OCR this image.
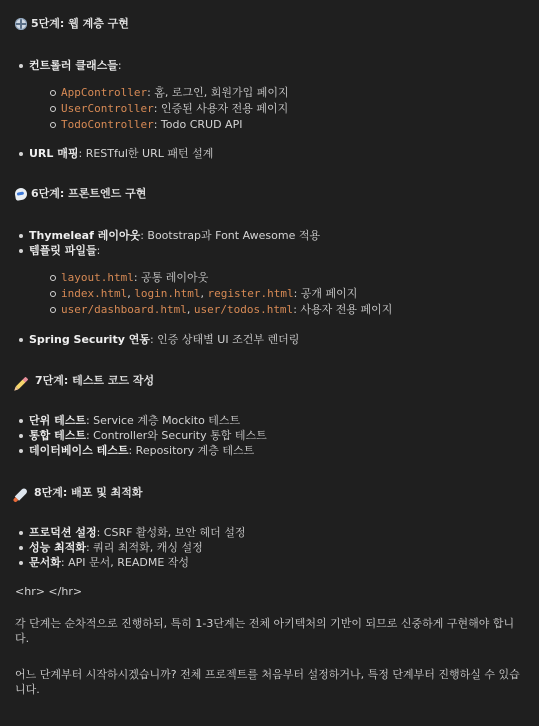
5단계: 웹 계층 구현
컨트롤러 클래스들 :
AppController : 홈, 로그인, 회원가입 페이지
UserController : 인증된 사용자 전용 페이지
TodoController : Todo CRUD API
URL 매핑 : RESTful한 URL 패턴 설계
6단계: 프론트엔드 구현
Thymeleaf 레이아웃 : Bootstrap과 Font Awesome 적용
템플릿 파일들 :
layout.html : 공통 레이아웃
index.html , login.html , register.html : 공개 페이지
user/dashboard.html , user/todos.html : 사용자 전용 페이지
Spring Security 연동 : 인증 상태별 UI 조건부 렌더링
7단계: 테스트 코드 작성
단위 테스트 : Service 계층 Mockito 테스트
통합 테스트 : Controller와 Security 통합 테스트
데이터베이스 테스트 : Repository 계층 테스트
8단계: 배포 및 최적화
프로덕션 설정 : CSRF 활성화, 보안 헤더 설정
성능 최적화 : 쿼리 최적화, 캐싱 설정
문서화 : API 문서, README 작성
<hr> </hr>
각 단계는 순차적으로 진행하되, 특히 1-3단계는 전체 아키텍처의 기반이 되므로 신중하게 구현해야 합니다.
어느 단계부터 시작하시겠습니까? 전체 프로젝트를 처음부터 설정하거나, 특정 단계부터 진행하실 수 있습니다.
